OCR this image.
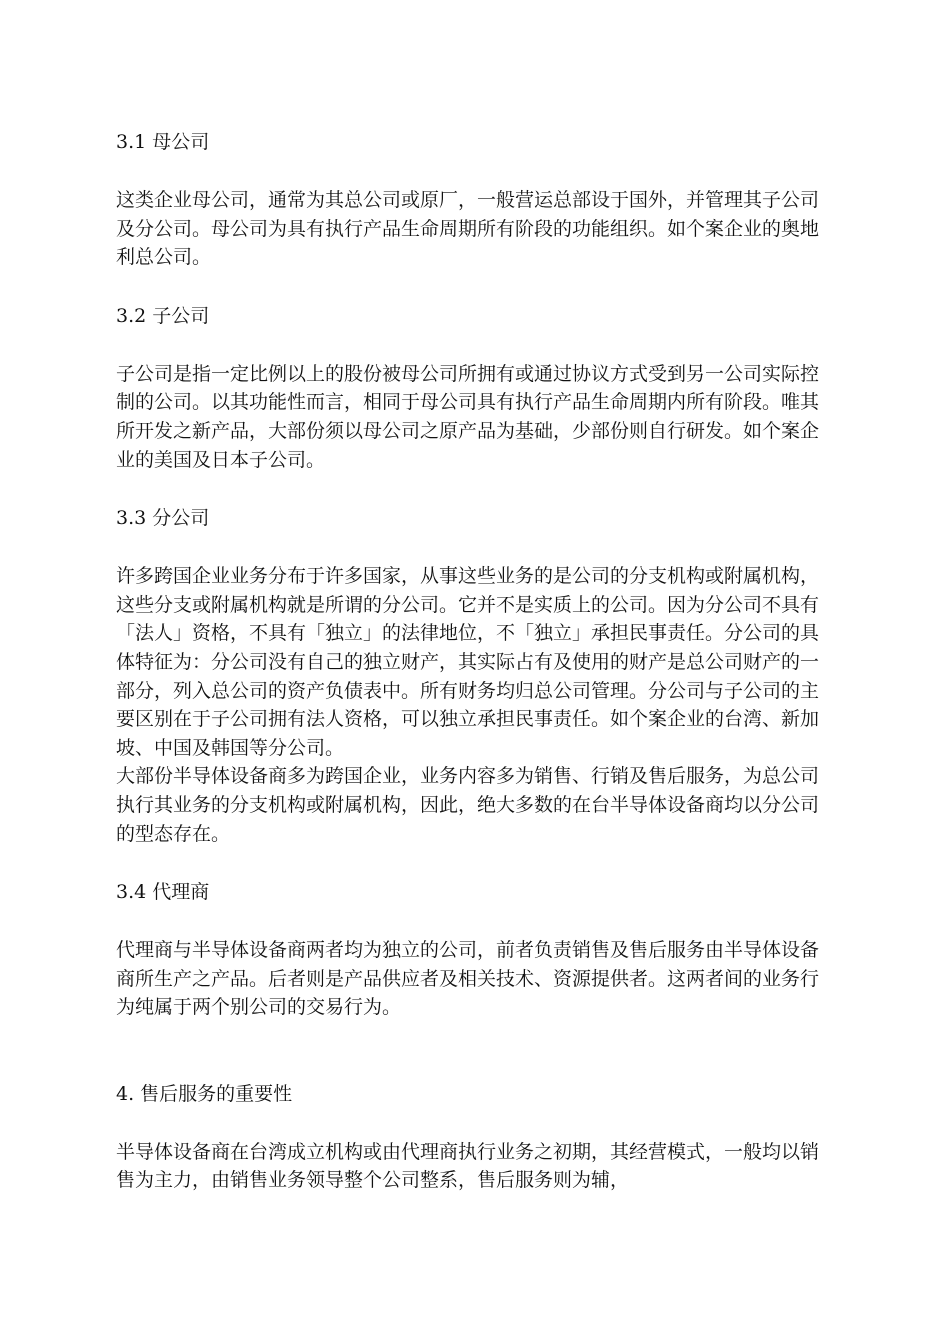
3.1 母公司

这类企业母公司，通常为其总公司或原厂，一般营运总部设于国外，并管理其子公司及分公司。母公司为具有执行产品生命周期所有阶段的功能组织。如个案企业的奥地利总公司。

3.2 子公司

子公司是指一定比例以上的股份被母公司所拥有或通过协议方式受到另一公司实际控制的公司。以其功能性而言，相同于母公司具有执行产品生命周期内所有阶段。唯其所开发之新产品，大部份须以母公司之原产品为基础，少部份则自行研发。如个案企业的美国及日本子公司。

3.3 分公司

许多跨国企业业务分布于许多国家，从事这些业务的是公司的分支机构或附属机构，这些分支或附属机构就是所谓的分公司。它并不是实质上的公司。因为分公司不具有「法人」资格，不具有「独立」的法律地位，不「独立」承担民事责任。分公司的具体特征为：分公司没有自己的独立财产，其实际占有及使用的财产是总公司财产的一部分，列入总公司的资产负债表中。所有财务均归总公司管理。分公司与子公司的主要区别在于子公司拥有法人资格，可以独立承担民事责任。如个案企业的台湾、新加坡、中国及韩国等分公司。

大部份半导体设备商多为跨国企业，业务内容多为销售、行销及售后服务，为总公司执行其业务的分支机构或附属机构，因此，绝大多数的在台半导体设备商均以分公司的型态存在。

3.4 代理商

代理商与半导体设备商两者均为独立的公司，前者负责销售及售后服务由半导体设备商所生产之产品。后者则是产品供应者及相关技术、资源提供者。这两者间的业务行为纯属于两个别公司的交易行为。

4. 售后服务的重要性

半导体设备商在台湾成立机构或由代理商执行业务之初期，其经营模式，一般均以销售为主力，由销售业务领导整个公司整系，售后服务则为辅，
